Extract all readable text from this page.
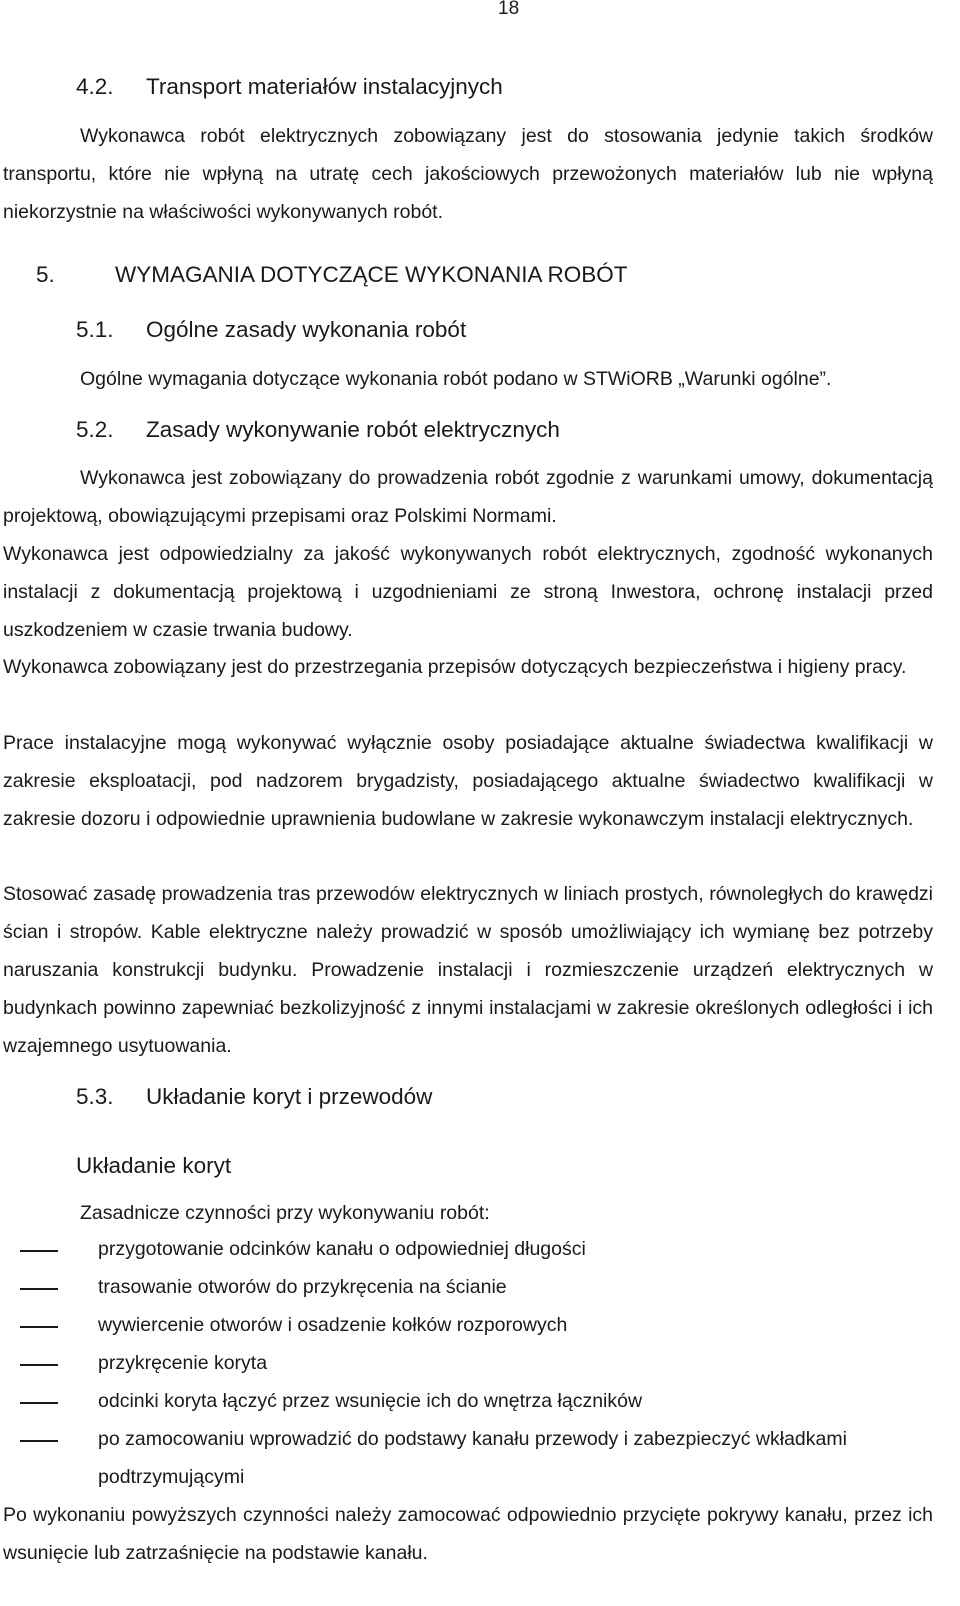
18
4.2. Transport materiałów instalacyjnych
Wykonawca robót elektrycznych zobowiązany jest do stosowania jedynie takich środków transportu, które nie wpłyną na utratę cech jakościowych przewożonych materiałów lub nie wpłyną niekorzystnie na właściwości wykonywanych robót.
5.	WYMAGANIA DOTYCZĄCE WYKONANIA ROBÓT
5.1. Ogólne zasady wykonania robót
Ogólne wymagania dotyczące wykonania robót podano w STWiORB „Warunki ogólne”.
5.2. Zasady wykonywanie robót elektrycznych
Wykonawca jest zobowiązany do prowadzenia robót zgodnie z warunkami umowy, dokumentacją projektową, obowiązującymi przepisami oraz Polskimi Normami.
Wykonawca jest odpowiedzialny za jakość wykonywanych robót elektrycznych, zgodność wykonanych instalacji z dokumentacją projektową i uzgodnieniami ze stroną Inwestora, ochronę instalacji przed uszkodzeniem w czasie trwania budowy.
Wykonawca zobowiązany jest do przestrzegania przepisów dotyczących bezpieczeństwa i higieny pracy.
Prace instalacyjne mogą wykonywać wyłącznie osoby posiadające aktualne świadectwa kwalifikacji w zakresie eksploatacji, pod nadzorem brygadzisty, posiadającego aktualne świadectwo kwalifikacji w zakresie dozoru i odpowiednie uprawnienia budowlane w zakresie wykonawczym instalacji elektrycznych.
Stosować zasadę prowadzenia tras przewodów elektrycznych w liniach prostych, równoległych do krawędzi ścian i stropów. Kable elektryczne należy prowadzić w sposób umożliwiający ich wymianę bez potrzeby naruszania konstrukcji budynku. Prowadzenie instalacji i rozmieszczenie urządzeń elektrycznych w budynkach powinno zapewniać bezkolizyjność z innymi instalacjami w zakresie określonych odległości i ich wzajemnego usytuowania.
5.3. Układanie koryt i przewodów
Układanie koryt
Zasadnicze czynności przy wykonywaniu robót:
przygotowanie odcinków kanału o odpowiedniej długości
trasowanie otworów do przykręcenia na ścianie
wywiercenie otworów i osadzenie kołków rozporowych
przykręcenie koryta
odcinki koryta łączyć przez wsunięcie ich do wnętrza łączników
po zamocowaniu wprowadzić do podstawy kanału przewody i zabezpieczyć wkładkami podtrzymującymi
Po wykonaniu powyższych czynności należy zamocować odpowiednio przycięte pokrywy kanału, przez ich wsunięcie lub zatrzaśnięcie na podstawie kanału.
